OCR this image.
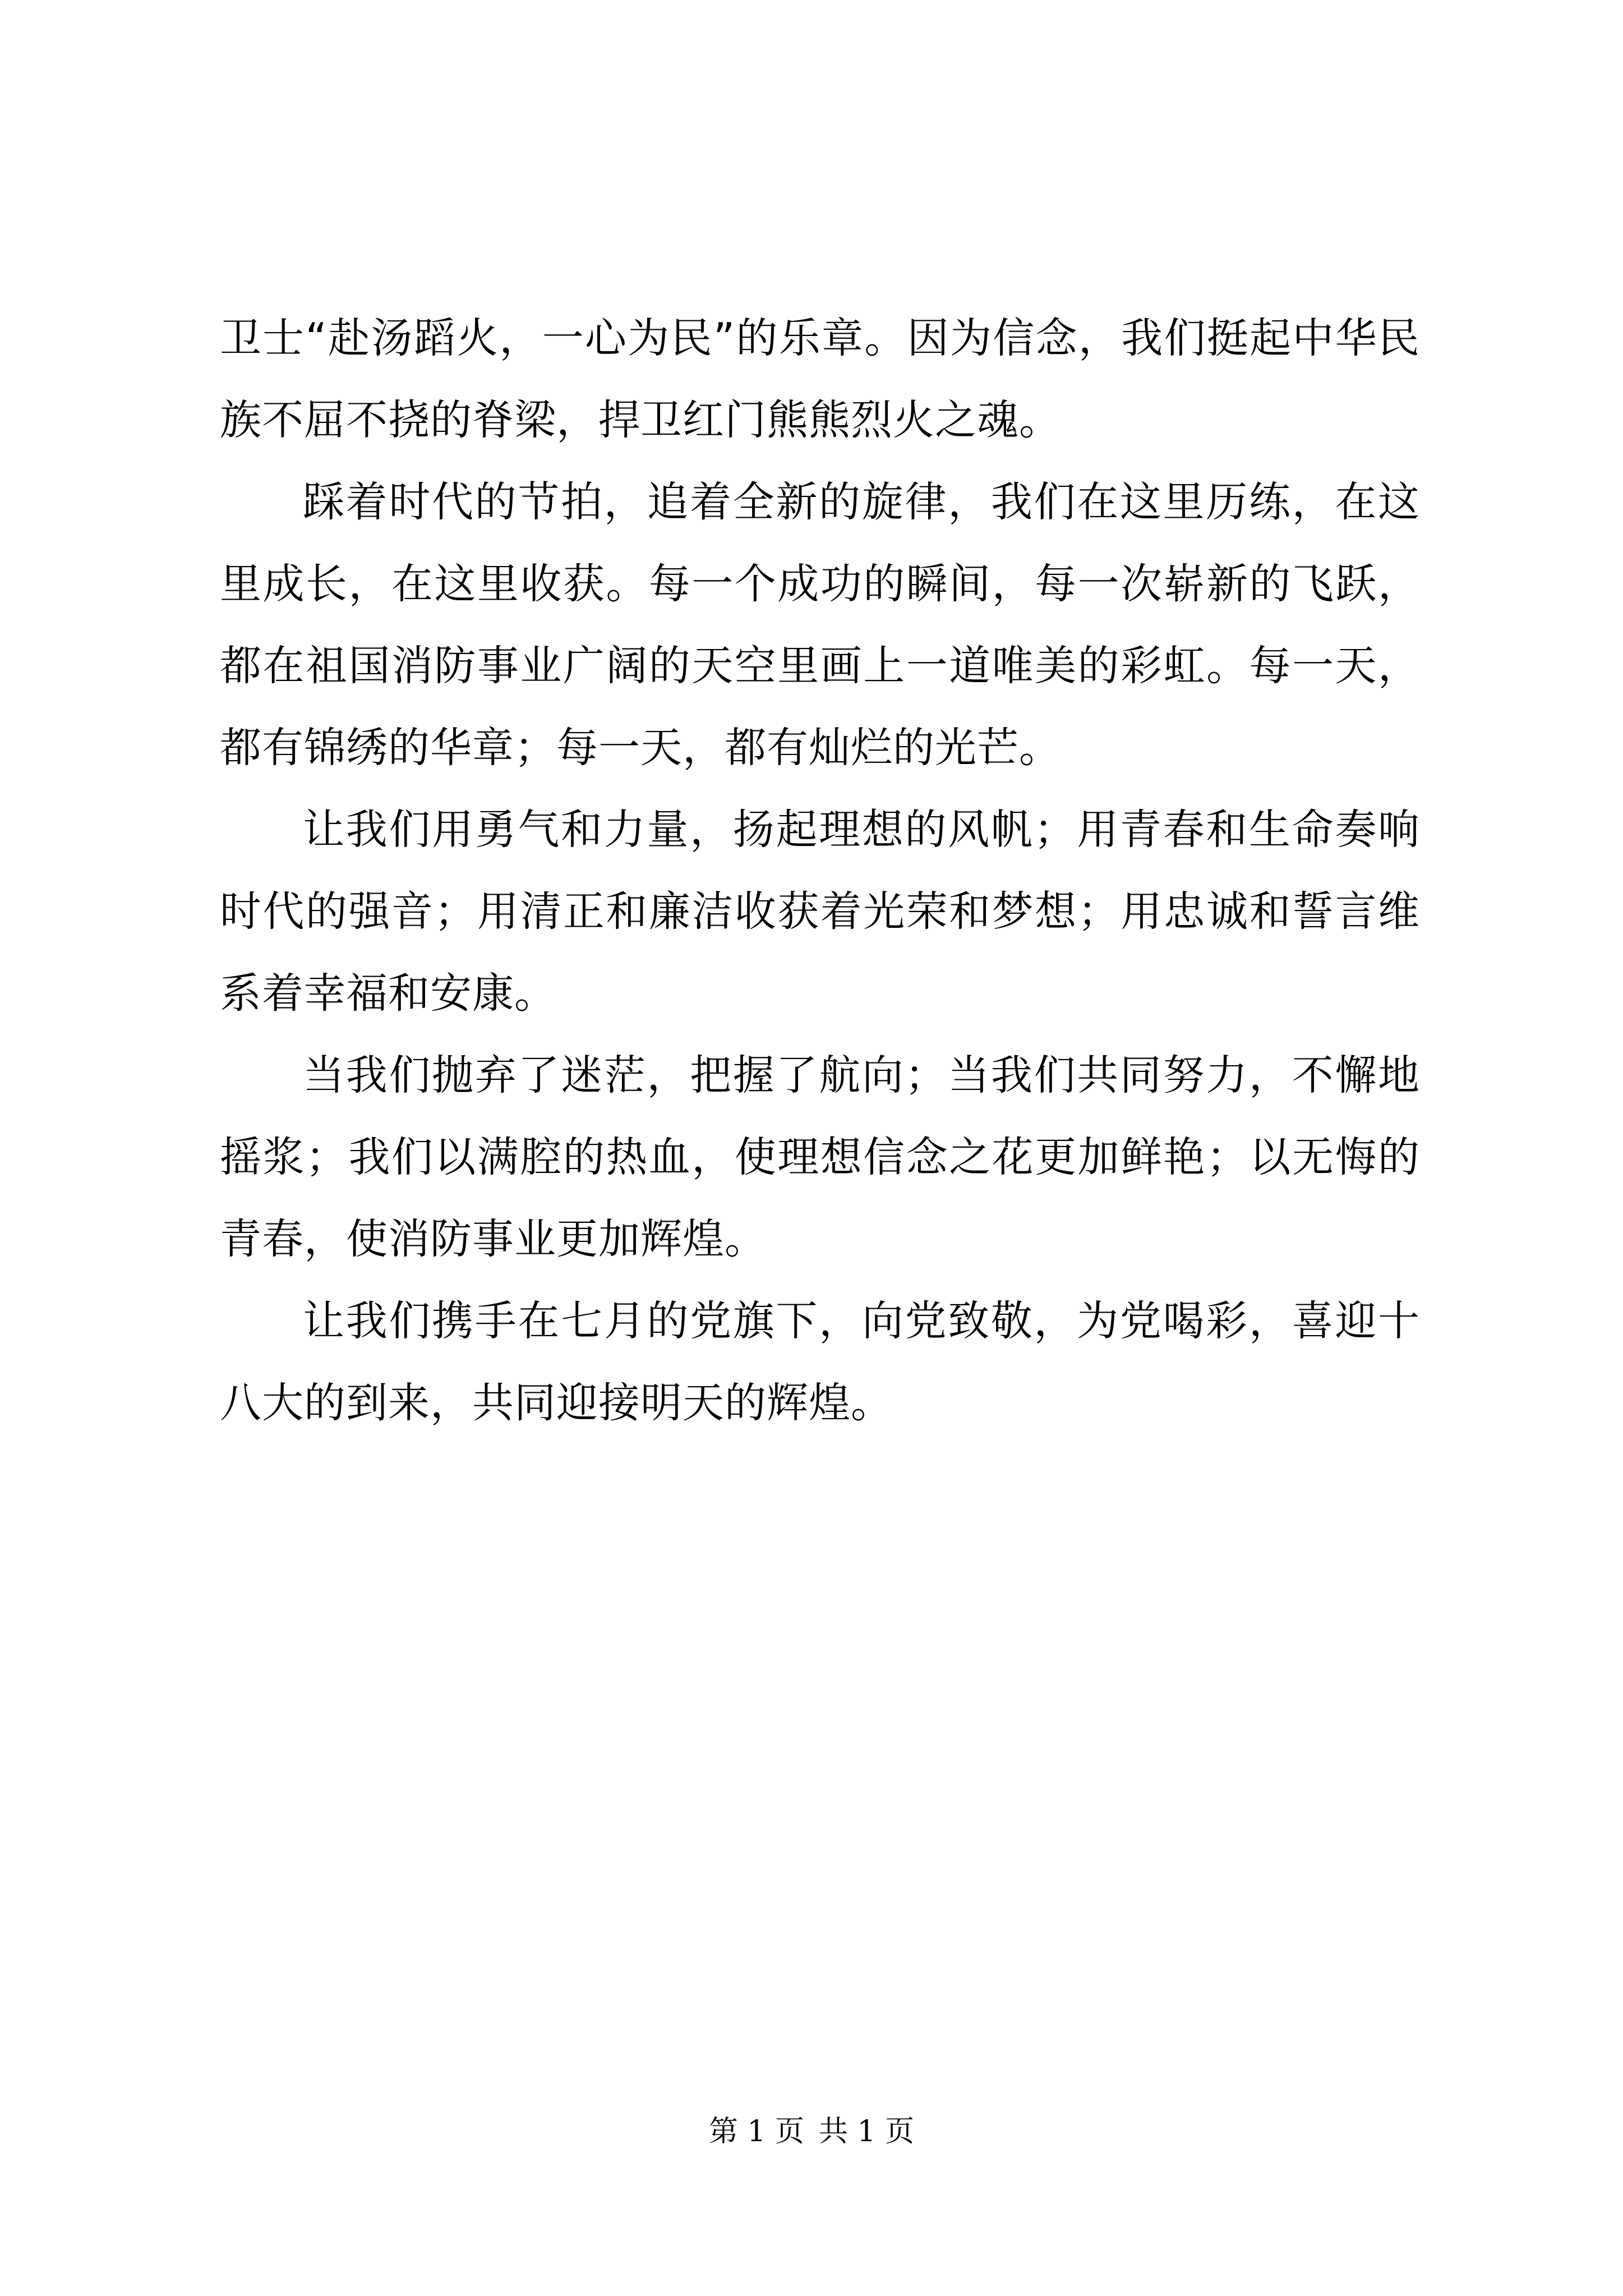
卫士“赴汤蹈火，一心为民”的乐章。因为信念，我们挺起中华民族不屈不挠的脊梁，捍卫红门熊熊烈火之魂。

踩着时代的节拍，追着全新的旋律，我们在这里历练，在这里成长，在这里收获。每一个成功的瞬间，每一次崭新的飞跃，都在祖国消防事业广阔的天空里画上一道唯美的彩虹。每一天，都有锦绣的华章；每一天，都有灿烂的光芒。

让我们用勇气和力量，扬起理想的风帆；用青春和生命奏响时代的强音；用清正和廉洁收获着光荣和梦想；用忠诚和誓言维系着幸福和安康。

当我们抛弃了迷茫，把握了航向；当我们共同努力，不懈地摇浆；我们以满腔的热血，使理想信念之花更加鲜艳；以无悔的青春，使消防事业更加辉煌。

让我们携手在七月的党旗下，向党致敬，为党喝彩，喜迎十八大的到来，共同迎接明天的辉煌。

第 1 页 共 1 页
